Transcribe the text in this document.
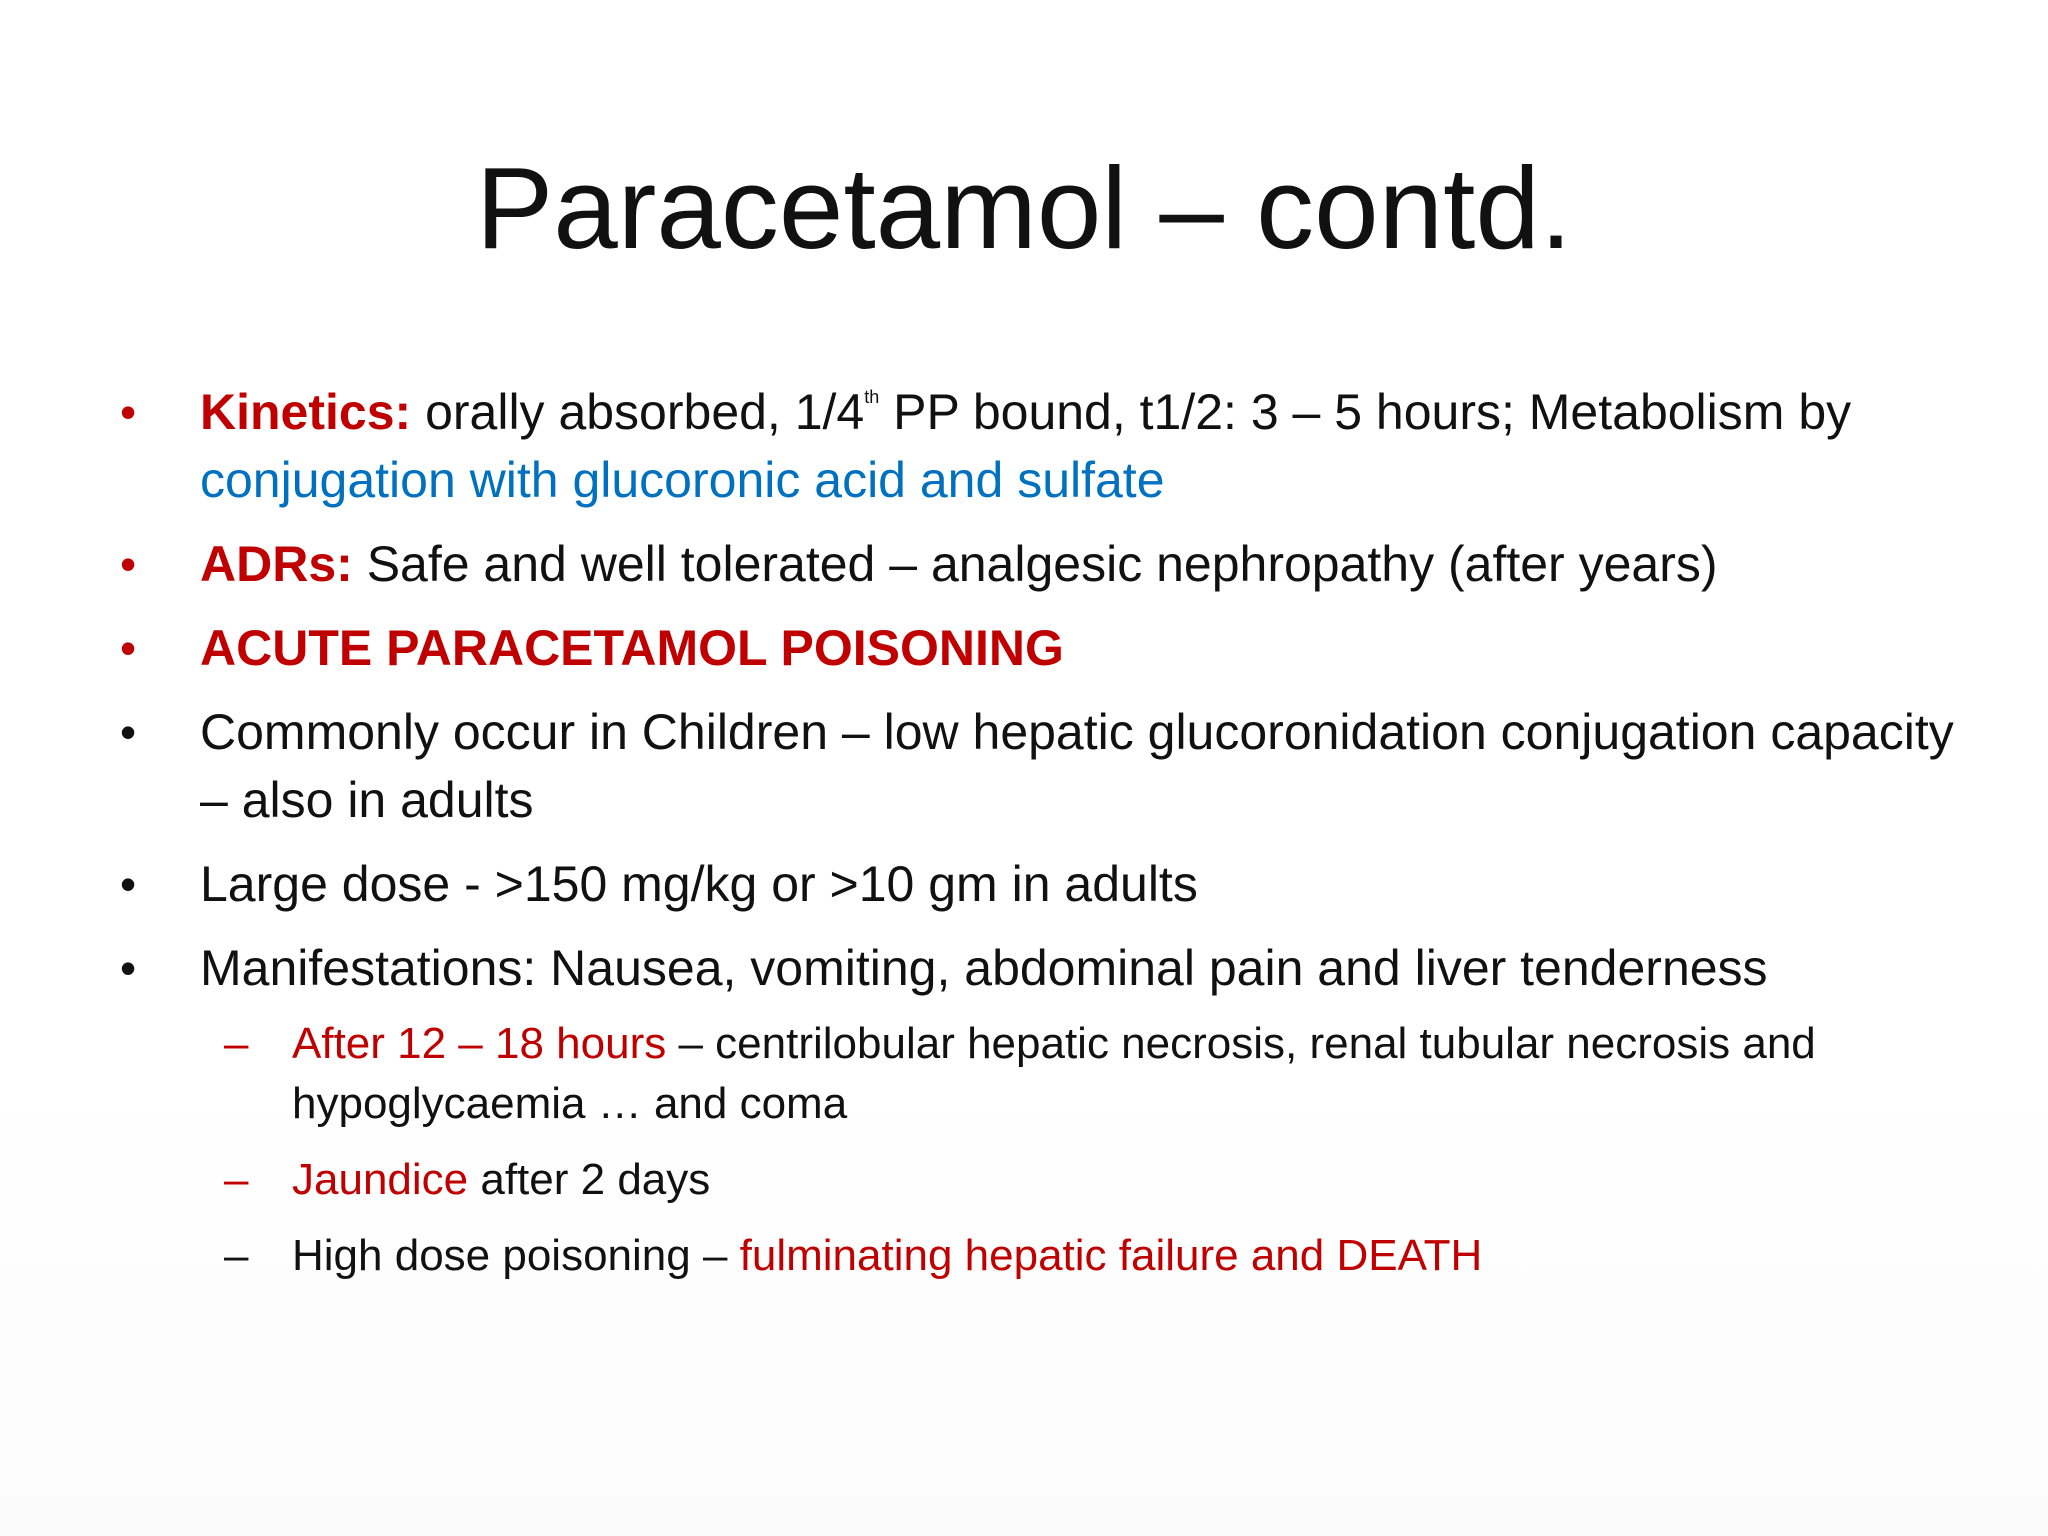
Paracetamol – contd.
•	Kinetics: orally absorbed, 1/4th PP bound, t1/2: 3 – 5 hours; Metabolism by conjugation with glucoronic acid and sulfate
•	ADRs: Safe and well tolerated – analgesic nephropathy (after years)
•	ACUTE PARACETAMOL POISONING
•	Commonly occur in Children – low hepatic glucoronidation conjugation capacity – also in adults
•	Large dose - >150 mg/kg or >10 gm in adults
•	Manifestations: Nausea, vomiting, abdominal pain and liver tenderness
– After 12 – 18 hours – centrilobular hepatic necrosis, renal tubular necrosis and hypoglycaemia … and coma
– Jaundice after 2 days
– High dose poisoning – fulminating hepatic failure and DEATH
